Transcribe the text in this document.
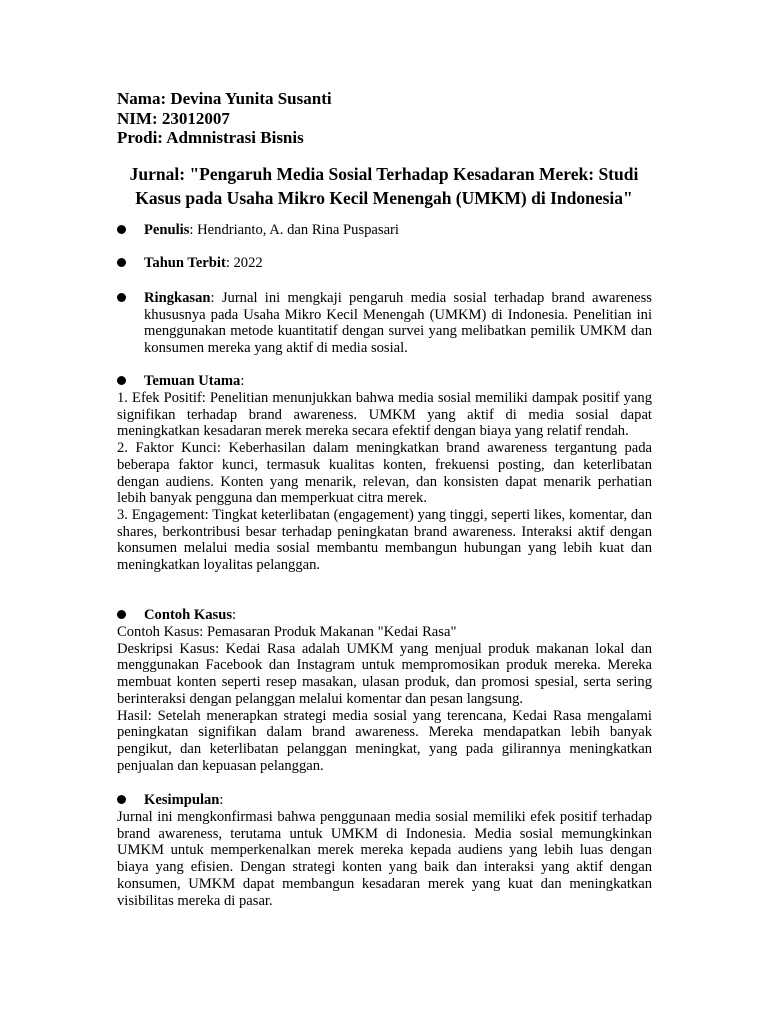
Nama: Devina Yunita Susanti
NIM: 23012007
Prodi: Admnistrasi Bisnis

Jurnal: "Pengaruh Media Sosial Terhadap Kesadaran Merek: Studi Kasus pada Usaha Mikro Kecil Menengah (UMKM) di Indonesia"

Penulis: Hendrianto, A. dan Rina Puspasari
Tahun Terbit: 2022

Ringkasan: Jurnal ini mengkaji pengaruh media sosial terhadap brand awareness khususnya pada Usaha Mikro Kecil Menengah (UMKM) di Indonesia. Penelitian ini menggunakan metode kuantitatif dengan survei yang melibatkan pemilik UMKM dan konsumen mereka yang aktif di media sosial.

Temuan Utama:

1. Efek Positif: Penelitian menunjukkan bahwa media sosial memiliki dampak positif yang signifikan terhadap brand awareness. UMKM yang aktif di media sosial dapat meningkatkan kesadaran merek mereka secara efektif dengan biaya yang relatif rendah.

2. Faktor Kunci: Keberhasilan dalam meningkatkan brand awareness tergantung pada beberapa faktor kunci, termasuk kualitas konten, frekuensi posting, dan keterlibatan dengan audiens. Konten yang menarik, relevan, dan konsisten dapat menarik perhatian lebih banyak pengguna dan memperkuat citra merek.

3. Engagement: Tingkat keterlibatan (engagement) yang tinggi, seperti likes, komentar, dan shares, berkontribusi besar terhadap peningkatan brand awareness. Interaksi aktif dengan konsumen melalui media sosial membantu membangun hubungan yang lebih kuat dan meningkatkan loyalitas pelanggan.

Contoh Kasus:

Contoh Kasus: Pemasaran Produk Makanan "Kedai Rasa"

Deskripsi Kasus: Kedai Rasa adalah UMKM yang menjual produk makanan lokal dan menggunakan Facebook dan Instagram untuk mempromosikan produk mereka. Mereka membuat konten seperti resep masakan, ulasan produk, dan promosi spesial, serta sering berinteraksi dengan pelanggan melalui komentar dan pesan langsung.

Hasil: Setelah menerapkan strategi media sosial yang terencana, Kedai Rasa mengalami peningkatan signifikan dalam brand awareness. Mereka mendapatkan lebih banyak pengikut, dan keterlibatan pelanggan meningkat, yang pada gilirannya meningkatkan penjualan dan kepuasan pelanggan.

Kesimpulan:

Jurnal ini mengkonfirmasi bahwa penggunaan media sosial memiliki efek positif terhadap brand awareness, terutama untuk UMKM di Indonesia. Media sosial memungkinkan UMKM untuk memperkenalkan merek mereka kepada audiens yang lebih luas dengan biaya yang efisien. Dengan strategi konten yang baik dan interaksi yang aktif dengan konsumen, UMKM dapat membangun kesadaran merek yang kuat dan meningkatkan visibilitas mereka di pasar.
